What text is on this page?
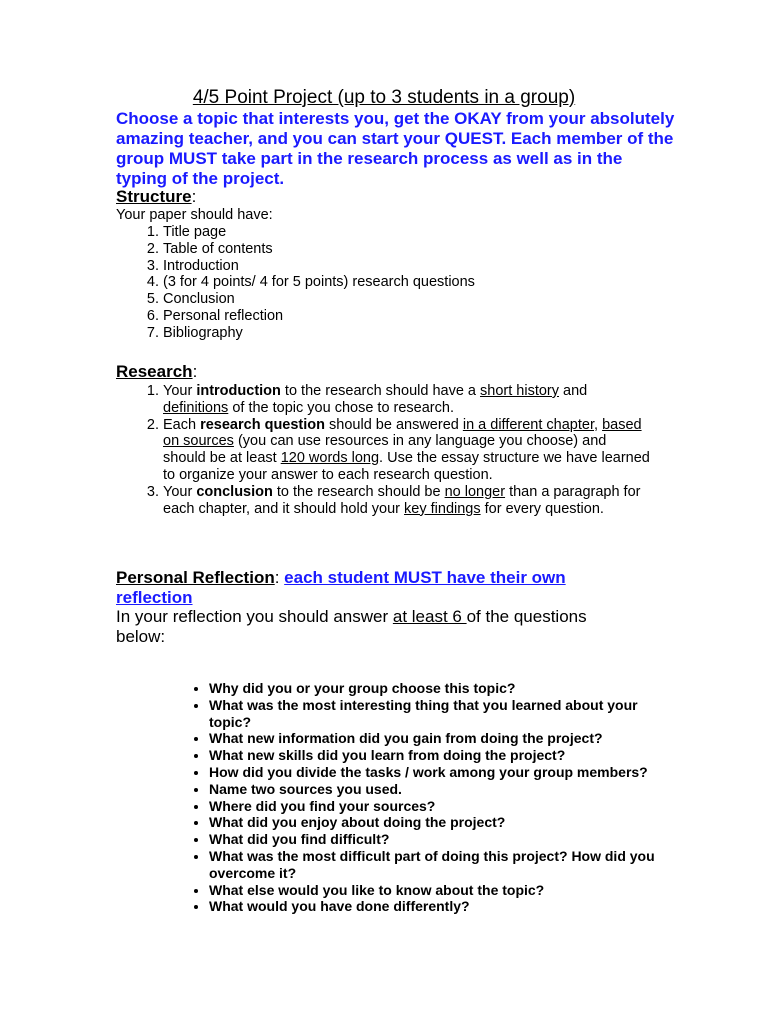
4/5 Point Project (up to 3 students in a group)
Choose a topic that interests you, get the OKAY from your absolutely amazing teacher, and you can start your QUEST. Each member of the group MUST take part in the research process as well as in the typing of the project.
Structure:
Your paper should have:
1. Title page
2. Table of contents
3. Introduction
4. (3 for 4 points/ 4 for 5 points) research questions
5. Conclusion
6. Personal reflection
7. Bibliography
Research:
1. Your introduction to the research should have a short history and definitions of the topic you chose to research.
2. Each research question should be answered in a different chapter, based on sources (you can use resources in any language you choose) and should be at least 120 words long. Use the essay structure we have learned to organize your answer to each research question.
3. Your conclusion to the research should be no longer than a paragraph for each chapter, and it should hold your key findings for every question.
Personal Reflection: each student MUST have their own reflection
In your reflection you should answer at least 6 of the questions below:
• Why did you or your group choose this topic?
• What was the most interesting thing that you learned about your topic?
• What new information did you gain from doing the project?
• What new skills did you learn from doing the project?
• How did you divide the tasks / work among your group members?
• Name two sources you used.
• Where did you find your sources?
• What did you enjoy about doing the project?
• What did you find difficult?
• What was the most difficult part of doing this project? How did you overcome it?
• What else would you like to know about the topic?
• What would you have done differently?
